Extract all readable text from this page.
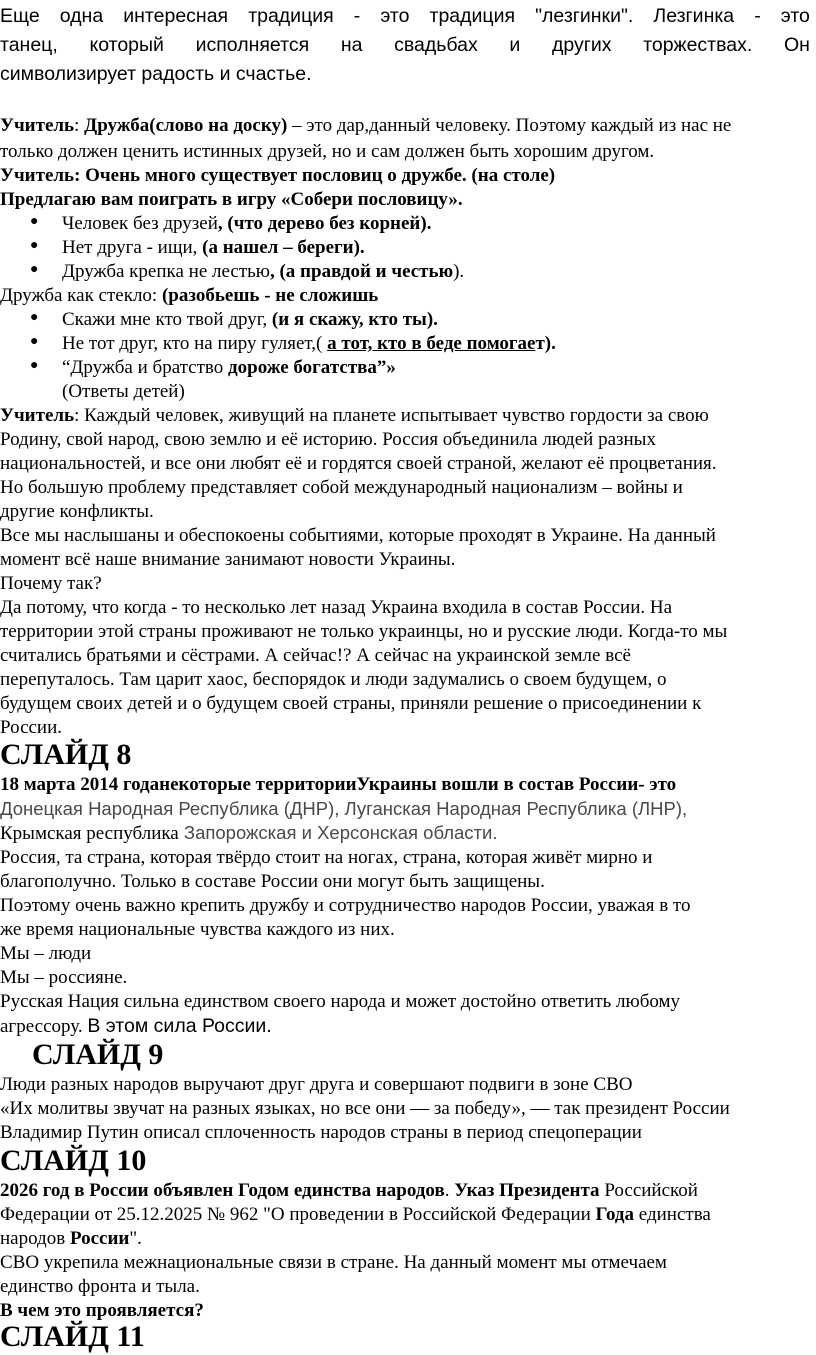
Еще одна интересная традиция - это традиция "лезгинки". Лезгинка - это
танец, который исполняется на свадьбах и других торжествах. Он
символизирует радость и счастье.
Учитель: Дружба(слово на доску) – это дар,данный человеку. Поэтому каждый из нас не
только должен ценить истинных друзей, но и сам должен быть хорошим другом.
Учитель: Очень много существует пословиц о дружбе. (на столе)
Предлагаю вам поиграть в игру «Собери пословицу».
● Человек без друзей, (что дерево без корней).
● Нет друга - ищи, (а нашел – береги).
● Дружба крепка не лестью, (а правдой и честью).
Дружба как стекло: (разобьешь - не сложишь
● Скажи мне кто твой друг, (и я скажу, кто ты).
● Не тот друг, кто на пиру гуляет,( а тот, кто в беде помогает).
● “Дружба и братство дороже богатства”»
(Ответы детей)
Учитель: Каждый человек, живущий на планете испытывает чувство гордости за свою
Родину, свой народ, свою землю и её историю. Россия объединила людей разных
национальностей, и все они любят её и гордятся своей страной, желают её процветания.
Но большую проблему представляет собой международный национализм – войны и
другие конфликты.
Все мы наслышаны и обеспокоены событиями, которые проходят в Украине. На данный
момент всё наше внимание занимают новости Украины.
Почему так?
Да потому, что когда - то несколько лет назад Украина входила в состав России. На
территории этой страны проживают не только украинцы, но и русские люди. Когда-то мы
считались братьями и сёстрами. А сейчас!? А сейчас на украинской земле всё
перепуталось. Там царит хаос, беспорядок и люди задумались о своем будущем, о
будущем своих детей и о будущем своей страны, приняли решение о присоединении к
России.
СЛАЙД 8
18 марта 2014 годанекоторые территорииУкраины вошли в состав России- это
Донецкая Народная Республика (ДНР), Луганская Народная Республика (ЛНР),
Крымская республика Запорожская и Херсонская области.
Россия, та страна, которая твёрдо стоит на ногах, страна, которая живёт мирно и
благополучно. Только в составе России они могут быть защищены.
Поэтому очень важно крепить дружбу и сотрудничество народов России, уважая в то
же время национальные чувства каждого из них.
Мы – люди
Мы – россияне.
Русская Нация сильна единством своего народа и может достойно ответить любому
агрессору. В этом сила России.
СЛАЙД 9
Люди разных народов выручают друг друга и совершают подвиги в зоне СВО
«Их молитвы звучат на разных языках, но все они — за победу», — так президент России
Владимир Путин описал сплоченность народов страны в период спецоперации
СЛАЙД 10
2026 год в России объявлен Годом единства народов. Указ Президента Российской
Федерации от 25.12.2025 № 962 "О проведении в Российской Федерации Года единства
народов России".
СВО укрепила межнациональные связи в стране. На данный момент мы отмечаем
единство фронта и тыла.
В чем это проявляется?
СЛАЙД 11
